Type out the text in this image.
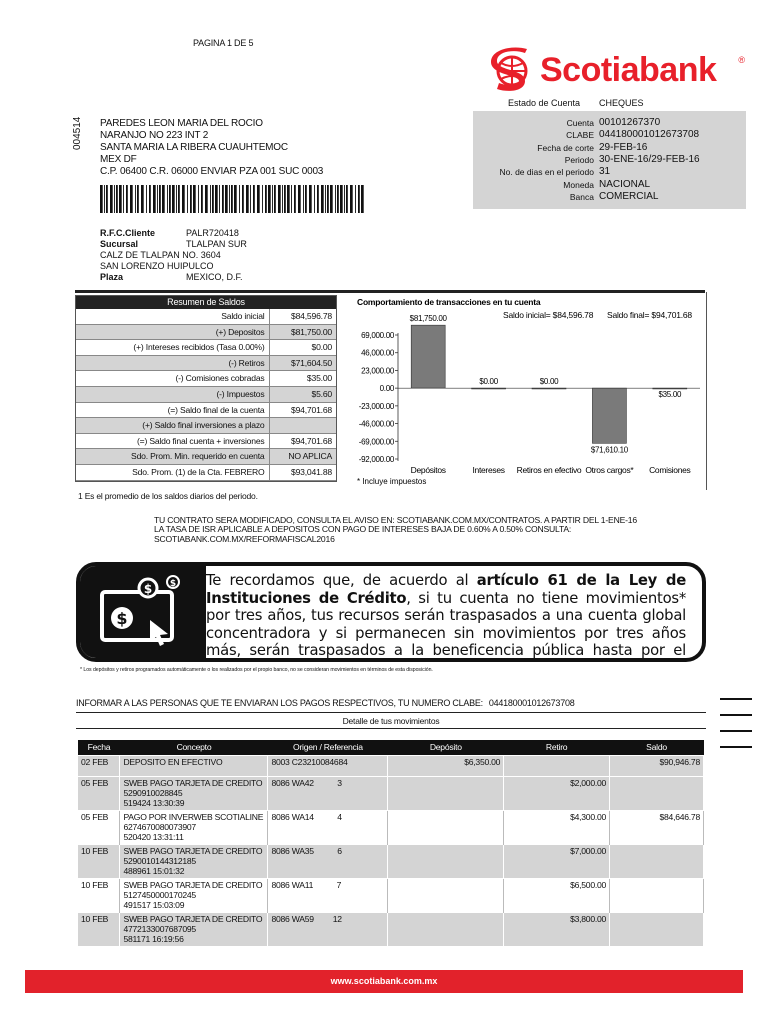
PAGINA 1 DE 5
Scotiabank ®
Estado de Cuenta CHEQUES
Cuenta 00101267370
CLABE 044180001012673708
Fecha de corte 29-FEB-16
Periodo 30-ENE-16/29-FEB-16
No. de dias en el periodo 31
Moneda NACIONAL
Banca COMERCIAL
004514	PAREDES LEON MARIA DEL ROCIO
NARANJO NO 223 INT 2
SANTA MARIA LA RIBERA CUAUHTEMOC
MEX DF
C.P. 06400 C.R. 06000 ENVIAR PZA 001 SUC 0003
R.F.C.Cliente	PALR720418
Sucursal	TLALPAN SUR
CALZ DE TLALPAN NO. 3604
SAN LORENZO HUIPULCO
Plaza	MEXICO, D.F.
Resumen de Saldos
Saldo inicial	$84,596.78
(+) Depositos	$81,750.00
(+) Intereses recibidos (Tasa 0.00%)	$0.00
(-) Retiros	$71,604.50
(-) Comisiones cobradas	$35.00
(-) Impuestos	$5.60
(=) Saldo final de la cuenta	$94,701.68
(+) Saldo final inversiones a plazo
(=) Saldo final cuenta + inversiones	$94,701.68
Sdo. Prom. Min. requerido en cuenta	NO APLICA
Sdo. Prom. (1) de la Cta. FEBRERO	$93,041.88
1 Es el promedio de los saldos diarios del periodo.
Comportamiento de transacciones en tu cuenta
Saldo inicial= $84,596.78 Saldo final= $94,701.68
69,000.00
46,000.00
23,000.00
0.00
-23,000.00
-46,000.00
-69,000.00
-92,000.00
$81,750.00
Depósitos
$0.00
Intereses
$0.00
Retiros en efectivo
$71,610.10
Otros cargos*
$35.00
Comisiones
* Incluye impuestos
TU CONTRATO SERA MODIFICADO, CONSULTA EL AVISO EN: SCOTIABANK.COM.MX/CONTRATOS. A PARTIR DEL 1-ENE-16
LA TASA DE ISR APLICABLE A DEPOSITOS CON PAGO DE INTERESES BAJA DE 0.60% A 0.50% CONSULTA:
SCOTIABANK.COM.MX/REFORMAFISCAL2016
$
$ $ Te recordamos que, de acuerdo al artículo 61 de la Ley de Instituciones de Crédito, si tu cuenta no tiene movimientos* por tres años, tus recursos serán traspasados a una cuenta global concentradora y si permanecen sin movimientos por tres años más, serán traspasados a la beneficencia pública hasta por el
* Los depósitos y retiros programados automáticamente o los realizados por el propio banco, no se consideran movimientos en términos de esta disposición.
INFORMAR A LAS PERSONAS QUE TE ENVIARAN LOS PAGOS RESPECTIVOS, TU NUMERO CLABE: 044180001012673708
Detalle de tus movimientos
Fecha	Concepto	Origen / Referencia	Depósito	Retiro	Saldo
02 FEB	DEPOSITO EN EFECTIVO	8003 C23210084684	$6,350.00		$90,946.78
05 FEB	SWEB PAGO TARJETA DE CREDITO
5290910028845
519424 13:30:39	8086 WA42 3		$2,000.00	
05 FEB	PAGO POR INVERWEB SCOTIALINE
6274670080073907
520420 13:31:11	8086 WA14 4		$4,300.00	$84,646.78
10 FEB	SWEB PAGO TARJETA DE CREDITO
5290010144312185
488961 15:01:32	8086 WA35 6		$7,000.00	
10 FEB	SWEB PAGO TARJETA DE CREDITO
5127450000170245
491517 15:03:09	8086 WA11 7		$6,500.00	
10 FEB	SWEB PAGO TARJETA DE CREDITO
4772133007687095
581171 16:19:56	8086 WA59 12		$3,800.00	
www.scotiabank.com.mx
